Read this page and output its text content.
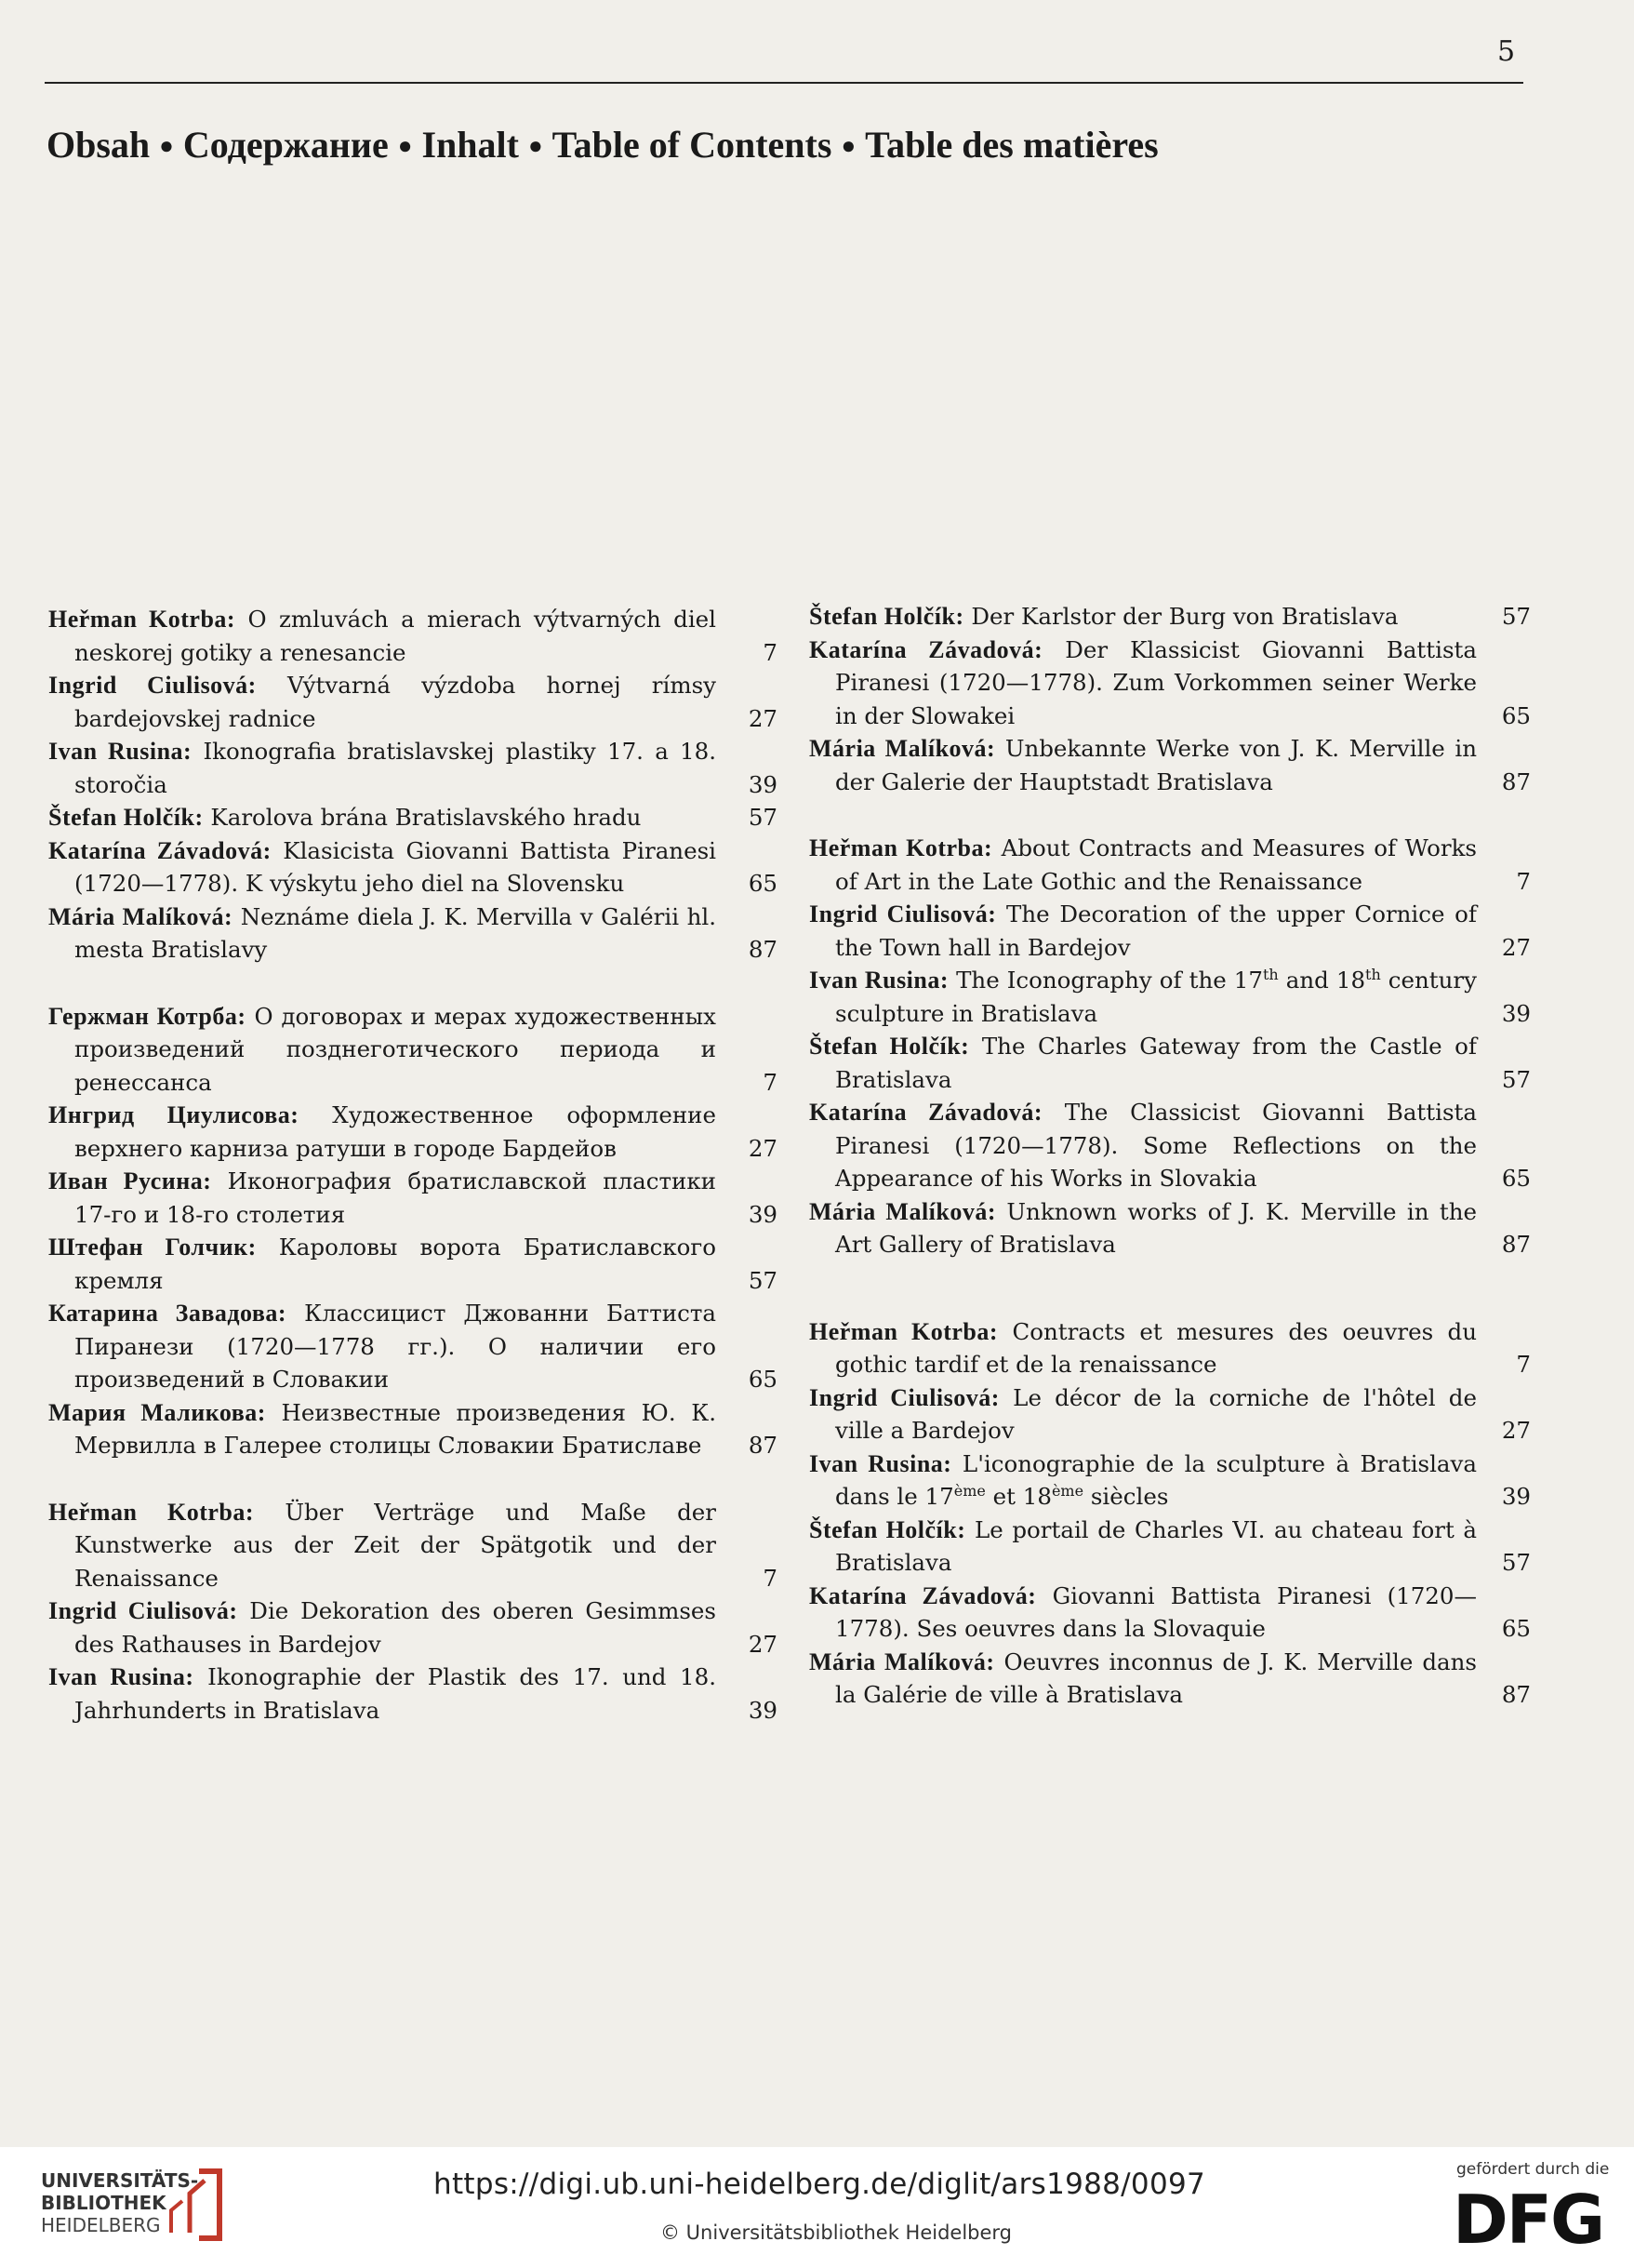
5
Obsah ● Содержание ● Inhalt ● Table of Contents ● Table des matières
Heřman Kotrba: O zmluvách a mierach výtvarných diel neskorej gotiky a renesancie	7
Ingrid Ciulisová: Výtvarná výzdoba hornej rímsy bardejovskej radnice	27
Ivan Rusina: Ikonografia bratislavskej plastiky 17. a 18. storočia	39
Štefan Holčík: Karolova brána Bratislavského hradu	57
Katarína Závadová: Klasicista Giovanni Battista Piranesi (1720—1778). K výskytu jeho diel na Slovensku	65
Mária Malíková: Neznáme diela J. K. Mervilla v Galérii hl. mesta Bratislavy	87
Гержман Котрба: О договорах и мерах художественных произведений позднеготического периода и ренессанса	7
Ингрид Циулисова: Художественное оформление верхнего карниза ратуши в городе Бардейов	27
Иван Русина: Иконография братиславской пластики 17-го и 18-го столетия	39
Штефан Голчик: Кароловы ворота Братиславского кремля	57
Катарина Завадова: Классицист Джованни Баттиста Пиранези (1720—1778 гг.). О наличии его произведений в Словакии	65
Мария Маликова: Неизвестные произведения Ю. К. Мервилла в Галерее столицы Словакии Братиславе	87
Heřman Kotrba: Über Verträge und Maße der Kunstwerke aus der Zeit der Spätgotik und der Renaissance	7
Ingrid Ciulisová: Die Dekoration des oberen Gesimmses des Rathauses in Bardejov	27
Ivan Rusina: Ikonographie der Plastik des 17. und 18. Jahrhunderts in Bratislava	39
Štefan Holčík: Der Karlstor der Burg von Bratislava	57
Katarína Závadová: Der Klassicist Giovanni Battista Piranesi (1720—1778). Zum Vorkommen seiner Werke in der Slowakei	65
Mária Malíková: Unbekannte Werke von J. K. Merville in der Galerie der Hauptstadt Bratislava	87
Heřman Kotrba: About Contracts and Measures of Works of Art in the Late Gothic and the Renaissance	7
Ingrid Ciulisová: The Decoration of the upper Cornice of the Town hall in Bardejov	27
Ivan Rusina: The Iconography of the 17th and 18th century sculpture in Bratislava	39
Štefan Holčík: The Charles Gateway from the Castle of Bratislava	57
Katarína Závadová: The Classicist Giovanni Battista Piranesi (1720—1778). Some Reflections on the Appearance of his Works in Slovakia	65
Mária Malíková: Unknown works of J. K. Merville in the Art Gallery of Bratislava	87
Heřman Kotrba: Contracts et mesures des oeuvres du gothic tardif et de la renaissance	7
Ingrid Ciulisová: Le décor de la corniche de l'hôtel de ville a Bardejov	27
Ivan Rusina: L'iconographie de la sculpture à Bratislava dans le 17ème et 18ème siècles	39
Štefan Holčík: Le portail de Charles VI. au chateau fort à Bratislava	57
Katarína Závadová: Giovanni Battista Piranesi (1720—1778). Ses oeuvres dans la Slovaquie	65
Mária Malíková: Oeuvres inconnus de J. K. Merville dans la Galérie de ville à Bratislava	87
UNIVERSITÄTS-
BIBLIOTHEK
HEIDELBERG
https://digi.ub.uni-heidelberg.de/diglit/ars1988/0097
© Universitätsbibliothek Heidelberg
gefördert durch die
DFG
